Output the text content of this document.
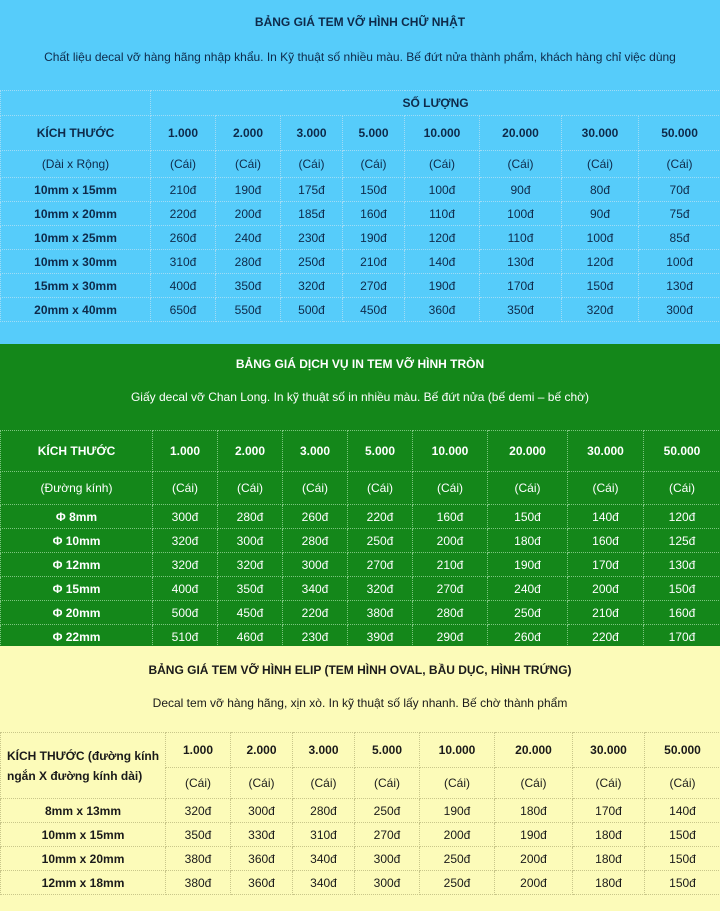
BẢNG GIÁ TEM VỠ HÌNH CHỮ NHẬT
Chất liệu decal vỡ hàng hãng nhập khẩu. In Kỹ thuật số nhiều màu. Bế đứt nửa thành phẩm, khách hàng chỉ việc dùng
	SỐ LƯỢNG							
KÍCH THƯỚC	1.000	2.000	3.000	5.000	10.000	20.000	30.000	50.000
(Dài x Rộng)	(Cái)	(Cái)	(Cái)	(Cái)	(Cái)	(Cái)	(Cái)	(Cái)
10mm x 15mm	210đ	190đ	175đ	150đ	100đ	90đ	80đ	70đ
10mm x 20mm	220đ	200đ	185đ	160đ	110đ	100đ	90đ	75đ
10mm x 25mm	260đ	240đ	230đ	190đ	120đ	110đ	100đ	85đ
10mm x 30mm	310đ	280đ	250đ	210đ	140đ	130đ	120đ	100đ
15mm x 30mm	400đ	350đ	320đ	270đ	190đ	170đ	150đ	130đ
20mm x 40mm	650đ	550đ	500đ	450đ	360đ	350đ	320đ	300đ
BẢNG GIÁ DỊCH VỤ IN TEM VỠ HÌNH TRÒN
Giấy decal vỡ Chan Long. In kỹ thuật số in nhiều màu. Bế đứt nửa (bế demi – bế chờ)
KÍCH THƯỚC	1.000	2.000	3.000	5.000	10.000	20.000	30.000	50.000
(Đường kính)	(Cái)	(Cái)	(Cái)	(Cái)	(Cái)	(Cái)	(Cái)	(Cái)
Φ 8mm	300đ	280đ	260đ	220đ	160đ	150đ	140đ	120đ
Φ 10mm	320đ	300đ	280đ	250đ	200đ	180đ	160đ	125đ
Φ 12mm	320đ	320đ	300đ	270đ	210đ	190đ	170đ	130đ
Φ 15mm	400đ	350đ	340đ	320đ	270đ	240đ	200đ	150đ
Φ 20mm	500đ	450đ	220đ	380đ	280đ	250đ	210đ	160đ
Φ 22mm	510đ	460đ	230đ	390đ	290đ	260đ	220đ	170đ
BẢNG GIÁ TEM VỠ HÌNH ELIP (TEM HÌNH OVAL, BẦU DỤC, HÌNH TRỨNG)
Decal tem vỡ hàng hãng, xịn xò. In kỹ thuật số lấy nhanh. Bế chờ thành phẩm
KÍCH THƯỚC (đường kính ngắn X đường kính dài)	1.000	2.000	3.000	5.000	10.000	20.000	30.000	50.000
	(Cái)	(Cái)	(Cái)	(Cái)	(Cái)	(Cái)	(Cái)	(Cái)
8mm x 13mm	320đ	300đ	280đ	250đ	190đ	180đ	170đ	140đ
10mm x 15mm	350đ	330đ	310đ	270đ	200đ	190đ	180đ	150đ
10mm x 20mm	380đ	360đ	340đ	300đ	250đ	200đ	180đ	150đ
12mm x 18mm	380đ	360đ	340đ	300đ	250đ	200đ	180đ	150đ
